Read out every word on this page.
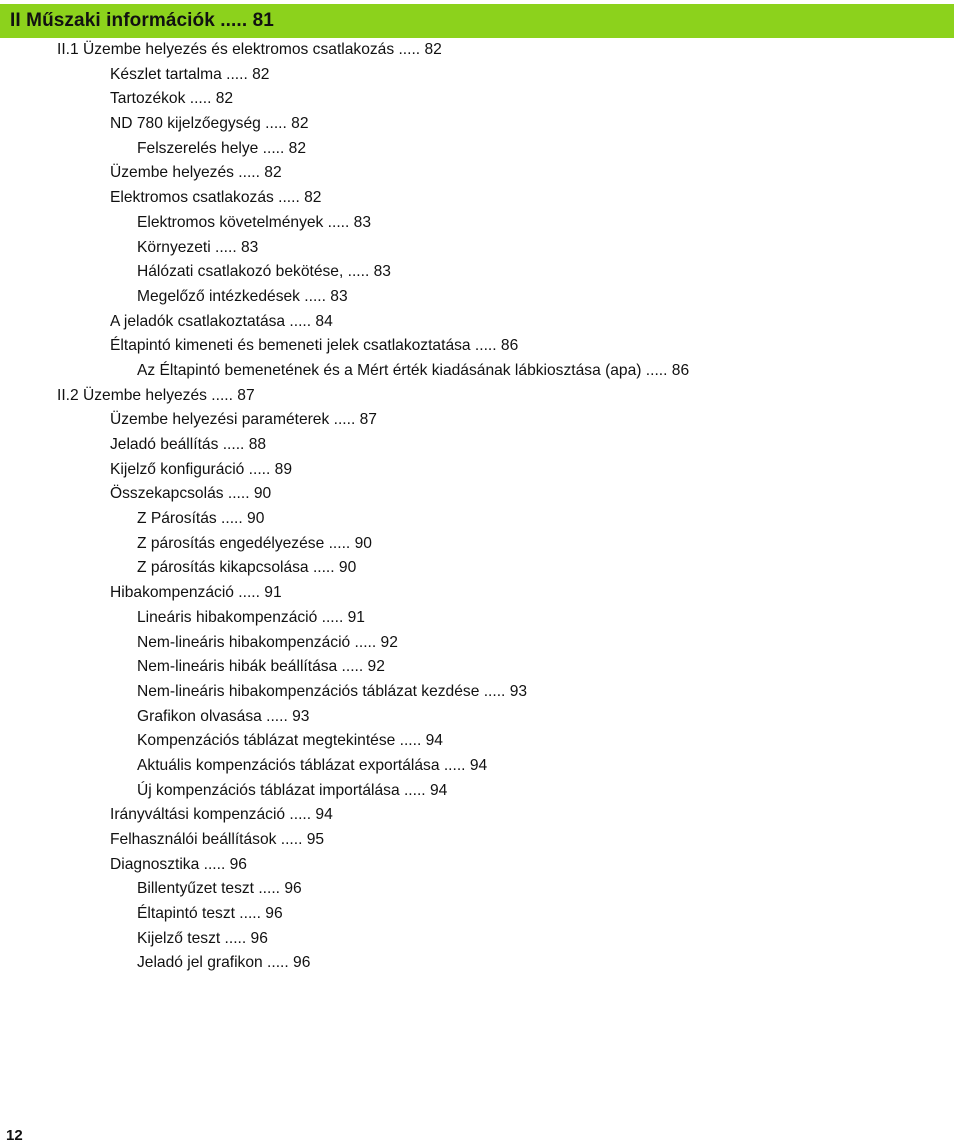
II Műszaki információk ..... 81
II.1 Üzembe helyezés és elektromos csatlakozás ..... 82
Készlet tartalma ..... 82
Tartozékok ..... 82
ND 780 kijelzőegység ..... 82
Felszerelés helye ..... 82
Üzembe helyezés ..... 82
Elektromos csatlakozás ..... 82
Elektromos követelmények ..... 83
Környezeti ..... 83
Hálózati csatlakozó bekötése, ..... 83
Megelőző intézkedések ..... 83
A jeladók csatlakoztatása ..... 84
Éltapintó kimeneti és bemeneti jelek csatlakoztatása ..... 86
Az Éltapintó bemenetének és a Mért érték kiadásának lábkiosztása (apa) ..... 86
II.2 Üzembe helyezés ..... 87
Üzembe helyezési paraméterek ..... 87
Jeladó beállítás ..... 88
Kijelző konfiguráció ..... 89
Összekapcsolás ..... 90
Z Párosítás ..... 90
Z párosítás engedélyezése ..... 90
Z párosítás kikapcsolása ..... 90
Hibakompenzáció ..... 91
Lineáris hibakompenzáció ..... 91
Nem-lineáris hibakompenzáció ..... 92
Nem-lineáris hibák beállítása ..... 92
Nem-lineáris hibakompenzációs táblázat kezdése ..... 93
Grafikon olvasása ..... 93
Kompenzációs táblázat megtekintése ..... 94
Aktuális kompenzációs táblázat exportálása ..... 94
Új kompenzációs táblázat importálása ..... 94
Irányváltási kompenzáció ..... 94
Felhasználói beállítások ..... 95
Diagnosztika ..... 96
Billentyűzet teszt ..... 96
Éltapintó teszt ..... 96
Kijelző teszt ..... 96
Jeladó jel grafikon ..... 96
12
